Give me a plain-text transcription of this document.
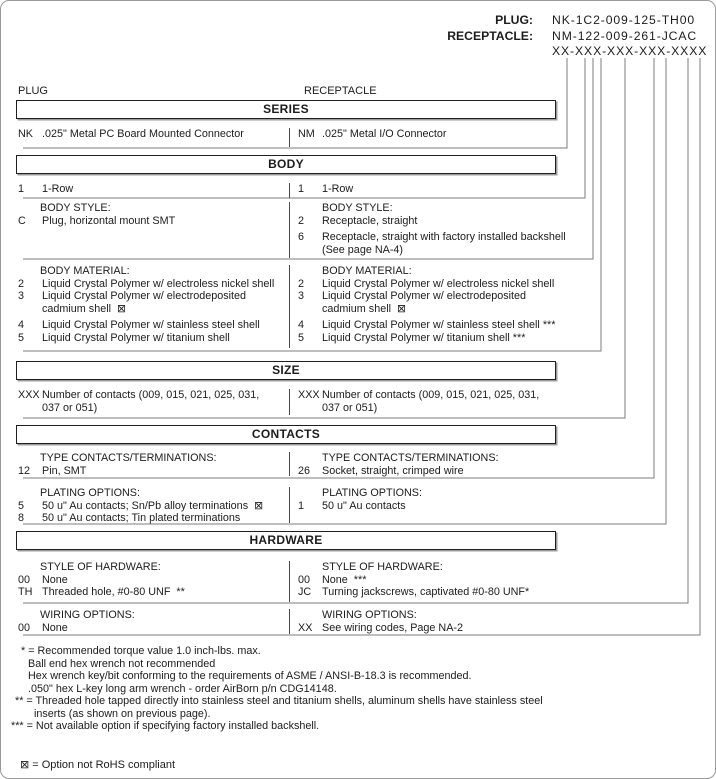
PLUG: NK-1C2-009-125-TH00
RECEPTACLE: NM-122-009-261-JCAC
XX-XXX-XXX-XXX-XXXX
PLUG	RECEPTACLE
SERIES
NK .025" Metal PC Board Mounted Connector	NM .025" Metal I/O Connector
BODY
1	1-Row	1	1-Row
BODY STYLE:
C	Plug, horizontal mount SMT
BODY STYLE:
2	Receptacle, straight
6	Receptacle, straight with factory installed backshell
(See page NA-4)
BODY MATERIAL:
2	Liquid Crystal Polymer w/ electroless nickel shell
3	Liquid Crystal Polymer w/ electrodeposited
cadmium shell  ⊠
4	Liquid Crystal Polymer w/ stainless steel shell
5	Liquid Crystal Polymer w/ titanium shell
BODY MATERIAL:
2	Liquid Crystal Polymer w/ electroless nickel shell
3	Liquid Crystal Polymer w/ electrodeposited
cadmium shell  ⊠
4	Liquid Crystal Polymer w/ stainless steel shell ***
5	Liquid Crystal Polymer w/ titanium shell ***
SIZE
XXX Number of contacts (009, 015, 021, 025, 031,
037 or 051)
XXX Number of contacts (009, 015, 021, 025, 031,
037 or 051)
CONTACTS
TYPE CONTACTS/TERMINATIONS:
12	Pin, SMT
TYPE CONTACTS/TERMINATIONS:
26	Socket, straight, crimped wire
PLATING OPTIONS:
5	50 u" Au contacts; Sn/Pb alloy terminations  ⊠
8	50 u" Au contacts; Tin plated terminations
PLATING OPTIONS:
1	50 u" Au contacts
HARDWARE
STYLE OF HARDWARE:
00	None
TH Threaded hole, #0-80 UNF  **
STYLE OF HARDWARE:
00	None  ***
JC Turning jackscrews, captivated #0-80 UNF*
WIRING OPTIONS:
00	None
WIRING OPTIONS:
XX See wiring codes, Page NA-2
* = Recommended torque value 1.0 inch-lbs. max.
Ball end hex wrench not recommended
Hex wrench key/bit conforming to the requirements of ASME / ANSI-B-18.3 is recommended.
.050" hex L-key long arm wrench - order AirBorn p/n CDG14148.
** = Threaded hole tapped directly into stainless steel and titanium shells, aluminum shells have stainless steel
inserts (as shown on previous page).
*** = Not available option if specifying factory installed backshell.
⊠ = Option not RoHS compliant
